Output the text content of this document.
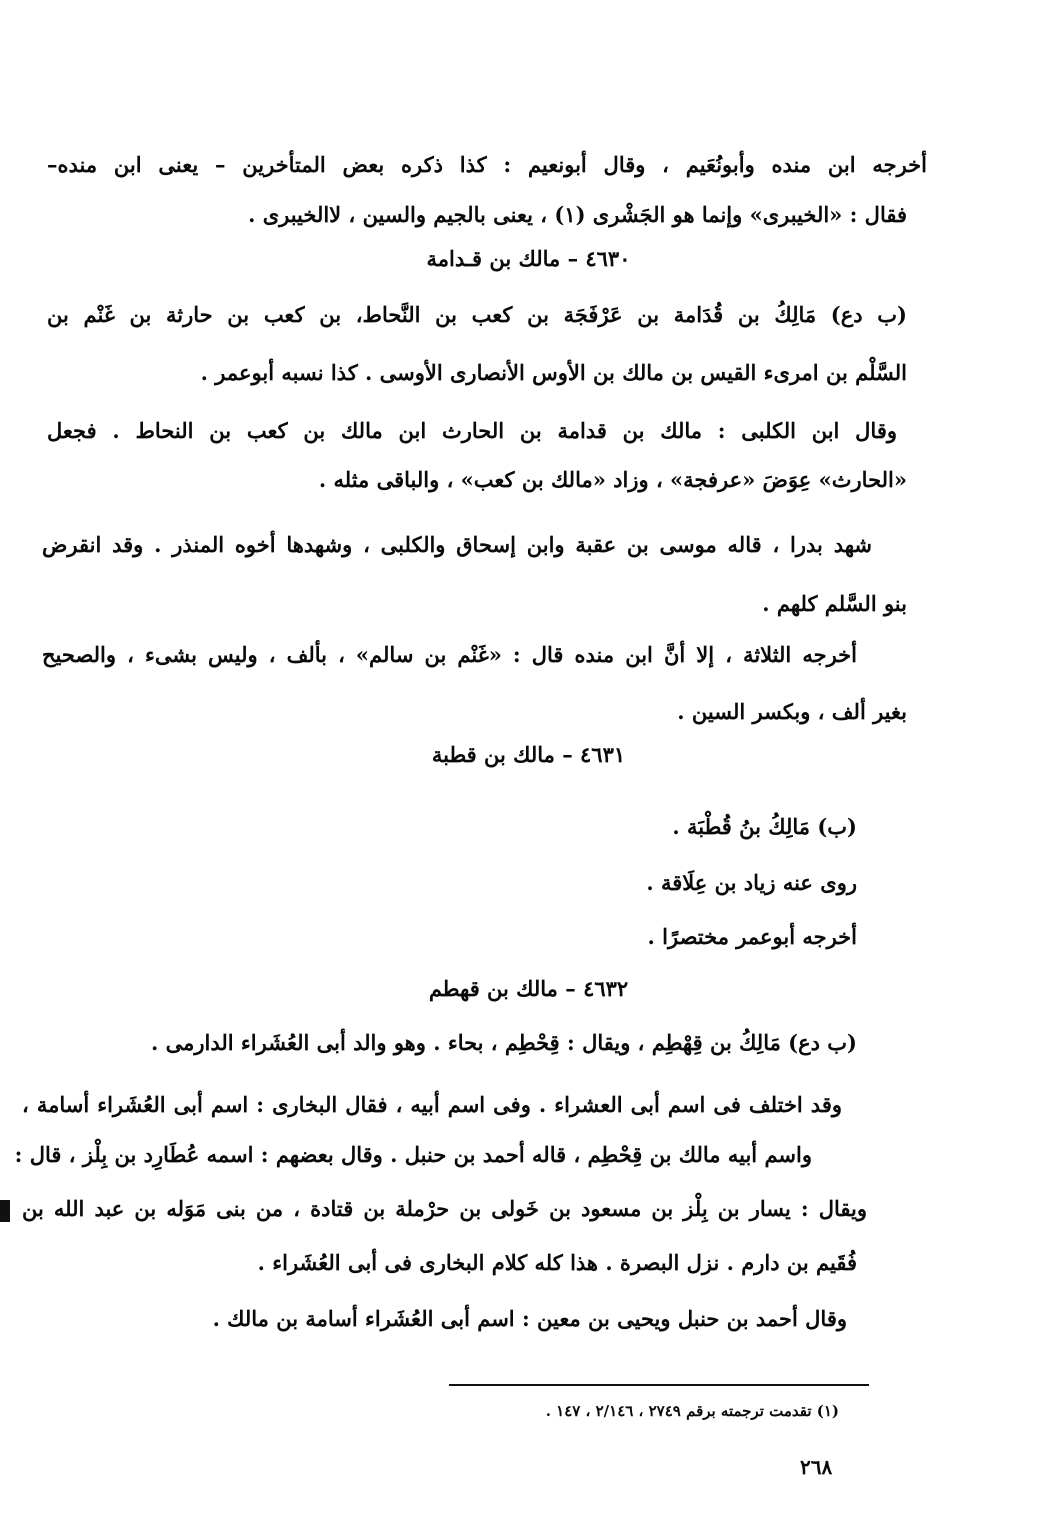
أخرجه ابن منده وأبونُعَيم ، وقال أبونعيم : كذا ذكره بعض المتأخرين – يعنى ابن منده–
فقال : «الخيبرى» وإنما هو الجَشْرى (١) ، يعنى بالجيم والسين ، لاالخيبرى .
٤٦٣٠ – مالك بن قـدامة
(ب دع) مَالِكُ بن قُدَامة بن عَرْفَجَة بن كعب بن النَّحاط، بن كعب بن حارثة بن غَنْم بن
السَّلْم بن امرىء القيس بن مالك بن الأوس الأنصارى الأوسى . كذا نسبه أبوعمر .
وقال ابن الكلبى : مالك بن قدامة بن الحارث ابن مالك بن كعب بن النحاط . فجعل
«الحارث» عِوَضَ «عرفجة» ، وزاد «مالك بن كعب» ، والباقى مثله .
شهد بدرا ، قاله موسى بن عقبة وابن إسحاق والكلبى ، وشهدها أخوه المنذر . وقد انقرض
بنو السَّلم كلهم .
أخرجه الثلاثة ، إلا أنَّ ابن منده قال : «غَنْم بن سالم» ، بألف ، وليس بشىء ، والصحيح
بغير ألف ، وبكسر السين .
٤٦٣١ – مالك بن قطبة
(ب) مَالِكُ بنُ قُطْبَة .
روى عنه زياد بن عِلَاقة .
أخرجه أبوعمر مختصرًا .
٤٦٣٢ – مالك بن قهطم
(ب دع) مَالِكُ بن قِهْطِم ، ويقال : قِحْطِم ، بحاء . وهو والد أبى العُشَراء الدارمى .
وقد اختلف فى اسم أبى العشراء . وفى اسم أبيه ، فقال البخارى : اسم أبى العُشَراء أسامة ،
واسم أبيه مالك بن قِحْطِم ، قاله أحمد بن حنبل . وقال بعضهم : اسمه عُطَارِد بن بِلْز ، قال :
ويقال : يسار بن بِلْز بن مسعود بن خَولى بن حرْملة بن قتادة ، من بنى مَوَله بن عبد الله بن
فُقَيم بن دارم . نزل البصرة . هذا كله كلام البخارى فى أبى العُشَراء .
وقال أحمد بن حنبل ويحيى بن معين : اسم أبى العُشَراء أسامة بن مالك .
(١) تقدمت ترجمته برقم ٢٧٤٩ ، ٢/١٤٦ ، ١٤٧ .
٢٦٨
